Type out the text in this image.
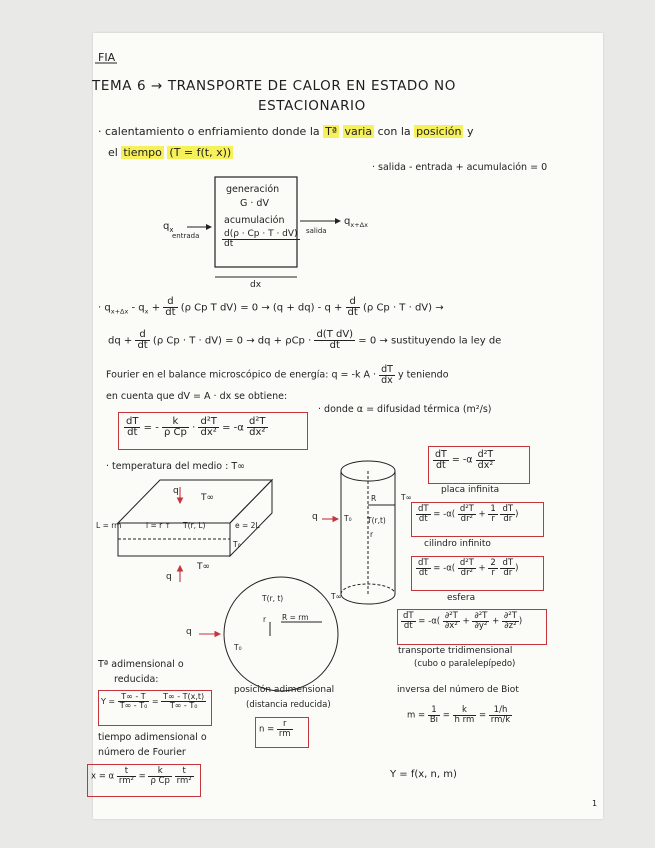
FIA
TEMA 6 → TRANSPORTE DE CALOR EN ESTADO NO
ESTACIONARIO
· calentamiento o enfriamiento donde la Tª varia con la posición y
el tiempo (T = f(t, x))
· salida - entrada + acumulación = 0
generación
G · dV
acumulación
$\frac{d(\rho \cdot Cp \cdot T \cdot dV)}{dt}$
$q_x$
entrada
salida
$q_{x+\Delta x}$
dx
· $q_{x+\Delta x} - q_x + \frac{d}{dt} (\rho$ Cp T $dV) = 0 \to (q + dq) - q + \frac{d}{dt} (\rho$ Cp · T · dV) →
dq + $\frac{d}{dt} (\rho$ Cp · T · dV) = 0 → dq + $\rho Cp \cdot \frac{\text{d(T dV)}}{dt} = 0$ → sustituyendo la ley de
Fourier en el balance microscópico de energía: q = -k $A \cdot \frac{dT}{dx}$ y teniendo
en cuenta que dV = A · dx se obtiene:
$\frac{dT}{dt}$ = - $\frac{k}{\text{ρ Cp}} \cdot \frac{\text{d²T}}{\text{dx²}} = -\alpha \frac{\text{d²T}}{\text{dx²}}$
· donde α = difusidad térmica (m²/s)
· temperatura del medio : T∞
q
T∞
L = rm	l = r ↑ T(r, L)	e = 2L
T₀
q
T∞
q	T₀
R	T∞
T(r,t)
r
T(r, t)	T∞
R = rm
r
q
T₀
$\frac{dT}{dt} = -\alpha \frac{\text{d²T}}{\text{dx²}}$
placa infinita
$\frac{dT}{dt} = -\alpha( \frac{\text{d²T}}{\text{dr²}} + \frac{1}{r}$
$\frac{dT}{dr}$ )
cilindro infinito
$\frac{dT}{dt} = -\alpha( \frac{\text{d²T}}{\text{dr²}} + \frac{2}{r}$
$\frac{dT}{dr}$ )
esfera
$\frac{dT}{dt} = -\alpha( \frac{\text{∂²T}}{\text{∂x²}} + \frac{\text{∂²T}}{\text{∂y²}} + \frac{\text{∂²T}}{\text{∂z²}}$ )
transporte tridimensional
(cubo o paralelepípedo)
Tª adimensional o
reducida:
$Y = \frac{T\infty - T}{\text{T∞ - T₀}} = \frac{T\infty - T(x,t)}{\text{T∞ - T₀}}$
posición adimensional
(distancia reducida)
$n = \frac{r}{rm}$
inversa del número de Biot
$m = \frac{1}{Bi} = \frac{k}{\text{h rm}} = \frac{1/h}{rm/k}$
tiempo adimensional o
número de Fourier
x = α $\frac{t}{\text{rm²}} = \frac{k}{\text{ρ Cp}}$
$\frac{t}{\text{rm²}}$	Y = f(x, n, m)
1
